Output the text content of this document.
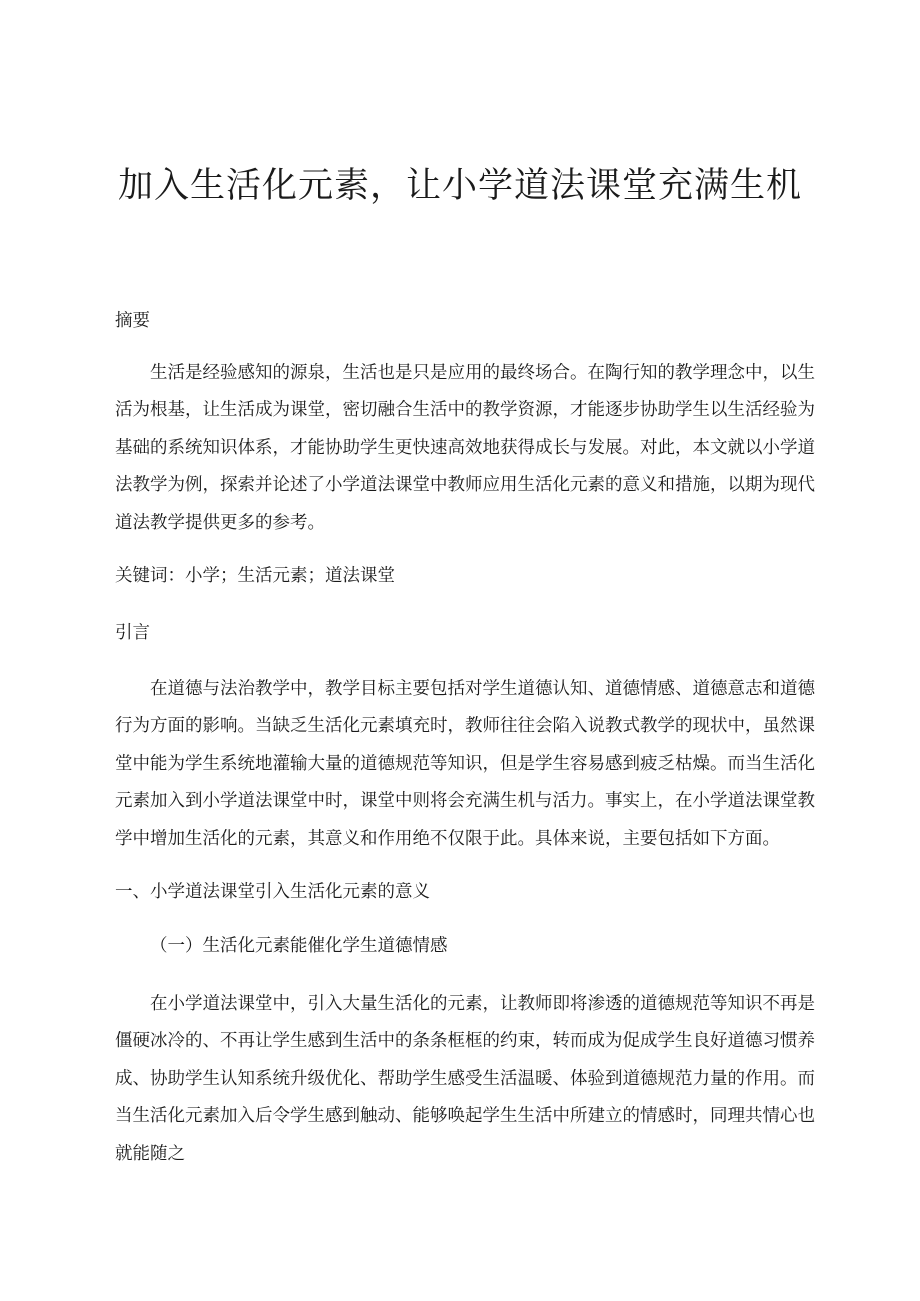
加入生活化元素，让小学道法课堂充满生机

摘要

生活是经验感知的源泉，生活也是只是应用的最终场合。在陶行知的教学理念中，以生活为根基，让生活成为课堂，密切融合生活中的教学资源，才能逐步协助学生以生活经验为基础的系统知识体系，才能协助学生更快速高效地获得成长与发展。对此，本文就以小学道法教学为例，探索并论述了小学道法课堂中教师应用生活化元素的意义和措施，以期为现代道法教学提供更多的参考。

关键词：小学；生活元素；道法课堂

引言

在道德与法治教学中，教学目标主要包括对学生道德认知、道德情感、道德意志和道德行为方面的影响。当缺乏生活化元素填充时，教师往往会陷入说教式教学的现状中，虽然课堂中能为学生系统地灌输大量的道德规范等知识，但是学生容易感到疲乏枯燥。而当生活化元素加入到小学道法课堂中时，课堂中则将会充满生机与活力。事实上，在小学道法课堂教学中增加生活化的元素，其意义和作用绝不仅限于此。具体来说，主要包括如下方面。

一、小学道法课堂引入生活化元素的意义

（一）生活化元素能催化学生道德情感

在小学道法课堂中，引入大量生活化的元素，让教师即将渗透的道德规范等知识不再是僵硬冰冷的、不再让学生感到生活中的条条框框的约束，转而成为促成学生良好道德习惯养成、协助学生认知系统升级优化、帮助学生感受生活温暖、体验到道德规范力量的作用。而当生活化元素加入后令学生感到触动、能够唤起学生生活中所建立的情感时，同理共情心也就能随之
